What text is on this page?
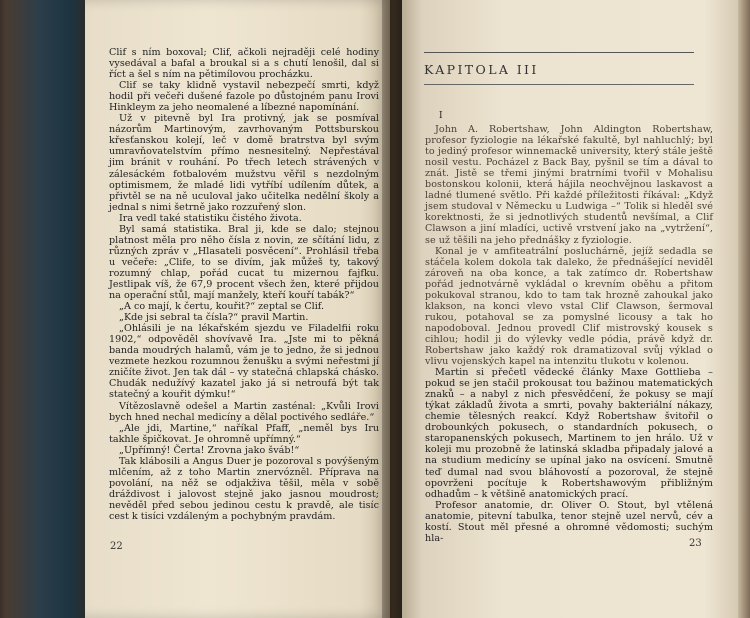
Clif s ním boxoval; Clif, ačkoli nejraději celé hodiny vysedával a bafal a broukal si a s chutí lenošil, dal si říct a šel s ním na pětimílovou procházku.

Clif se taky klidně vystavil nebezpečí smrti, když hodil při večeři dušené fazole po důstojném panu Irovi Hinkleym za jeho neomalené a líbezné napomínání.

Už v pitevně byl Ira protivný, jak se posmíval názorům Martinovým, zavrhovaným Pottsburskou křesťanskou kolejí, leč v domě bratrstva byl svým umravňovatelstvím přímo nesnesitelný. Nepřestával jim bránit v rouhání. Po třech letech strávených v zálesáckém fotbalovém mužstvu věřil s nezdolným optimismem, že mladé lidi vytříbí udílením důtek, a přivtěl se na ně uculoval jako učitelka nedělní školy a jednal s nimi šetrně jako rozzuřený slon.

Ira vedl také statistiku čistého života.

Byl samá statistika. Bral ji, kde se dalo; stejnou platnost měla pro něho čísla z novin, ze sčítání lidu, z různých zpráv v „Hlasateli posvěcení“. Prohlásil třeba u večeře: „Clife, to se divím, jak můžeš ty, takový rozumný chlap, pořád cucat tu mizernou fajfku. Jestlipak víš, že 67,9 procent všech žen, které přijdou na operační stůl, mají manžely, kteří kouří tabák?“

„A co mají, k čertu, kouřit?“ zeptal se Clif.

„Kde jsi sebral ta čísla?“ pravil Martin.

„Ohlásili je na lékařském sjezdu ve Filadelfii roku 1902,“ odpověděl shovívavě Ira. „Jste mi to pěkná banda moudrých halamů, vám je to jedno, že si jednou vezmete hezkou rozumnou ženušku a svými neřestmi jí zničíte život. Jen tak dál – vy statečná chlapská chásko. Chudák nedužívý kazatel jako já si netroufá být tak statečný a kouřit dýmku!“

Vítězoslavně odešel a Martin zasténal: „Kvůli Irovi bych hned nechal medicíny a dělal poctivého sedláře.“

„Ale jdi, Martine,“ naříkal Pfaff, „neměl bys Iru takhle špičkovat. Je ohromně upřímný.“

„Upřímný! Čerta! Zrovna jako šváb!“

Tak klábosili a Angus Duer je pozoroval s povýšeným mlčením, až z toho Martin znervózněl. Příprava na povolání, na něž se odjakživa těšil, měla v sobě dráždivost i jalovost stejně jako jasnou moudrost; nevěděl před sebou jedinou cestu k pravdě, ale tisíc cest k tisíci vzdáleným a pochybným pravdám.

22
KAPITOLA III
I

John A. Robertshaw, John Aldington Robertshaw, profesor fyziologie na lékařské fakultě, byl nahluchlý; byl to jediný profesor winnemackě university, který stále ještě nosil vestu. Pocházel z Back Bay, pyšnil se tím a dával to znát. Jistě se třemi jinými bratrními tvořil v Mohalisu bostonskou kolonii, která hájila neochvějnou laskavost a ladné tlumené světlo. Při každé příležitosti říkával: „Když jsem studoval v Německu u Ludwiga –“ Tolik si hleděl své korektnosti, že si jednotlivých studentů nevšímal, a Clif Clawson a jiní mladíci, uctivě vrstvení jako na „vytržení“, se už těšili na jeho přednášky z fyziologie.

Konal je v amfiteatrální posluchárně, jejíž sedadla se stáčela kolem dokola tak daleko, že přednášející neviděl zároveň na oba konce, a tak zatímco dr. Robertshaw pořád jednotvárně vykládal o krevním oběhu a přitom pokukoval stranou, kdo to tam tak hrozně zahoukal jako klakson, na konci vlevo vstal Clif Clawson, šermoval rukou, potahoval se za pomyslné licousy a tak ho napodoboval. Jednou provedl Clif mistrovský kousek s cihlou; hodil ji do výlevky vedle pódia, právě když dr. Robertshaw jako každý rok dramatizoval svůj výklad o vlivu vojenských kapel na intenzitu tlukotu v kolenou.

Martin si přečetl vědecké články Maxe Gottlieba – pokud se jen stačil prokousat tou bažinou matematických znaků – a nabyl z nich přesvědčení, že pokusy se mají týkat základů života a smrti, povahy bakteriální nákazy, chemie tělesných reakcí. Když Robertshaw švitořil o drobounkých pokusech, o standardních pokusech, o staropanenských pokusech, Martinem to jen hrálo. Už v koleji mu prozobně že latinská skladba připadaly jalové a na studium medicíny se upínal jako na osvícení. Smutně teď dumal nad svou bláhovostí a pozoroval, že stejně opovrženi pocítuje k Robertshawovým přibližným odhadům – k většině anatomických prací.

Profesor anatomie, dr. Oliver O. Stout, byl vtělená anatomie, pitevní tabulka, tenor stejně uzel nervů, cév a kostí. Stout měl přesné a ohromné vědomosti; suchým hla-	23
